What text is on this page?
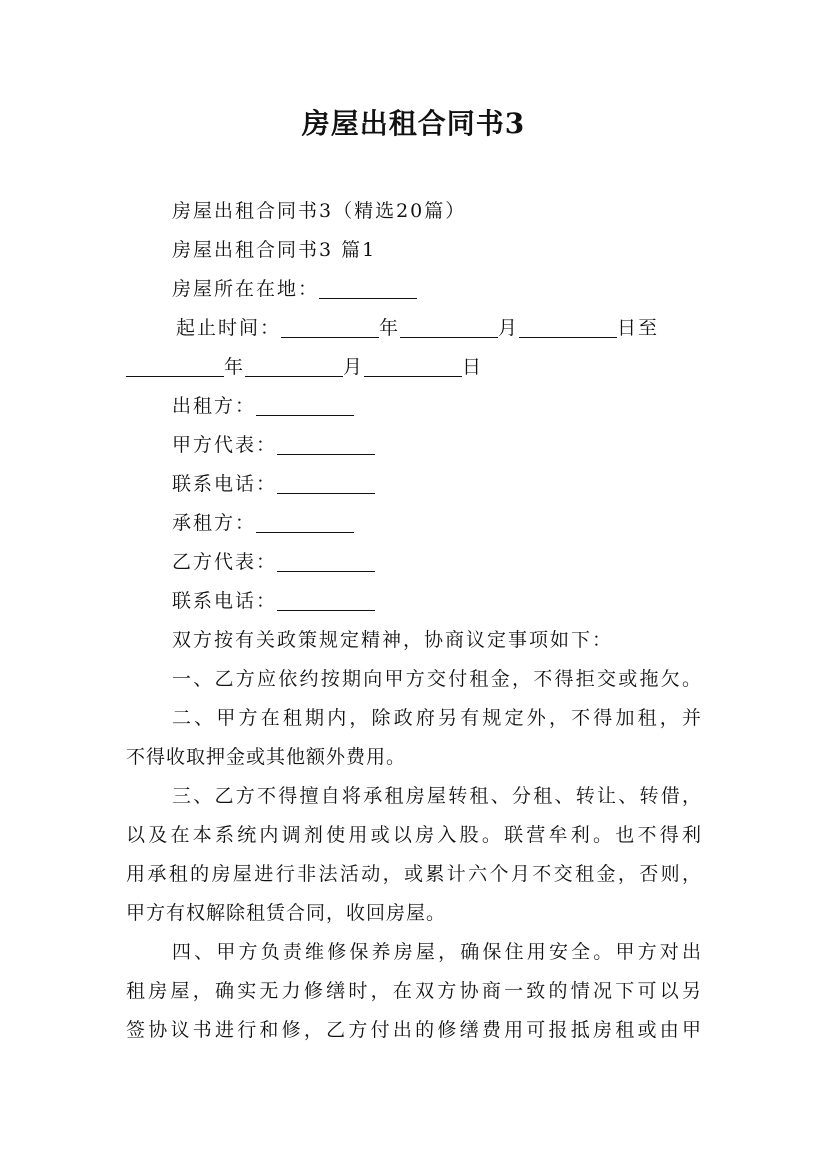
房屋出租合同书3
房屋出租合同书3（精选20篇）
房屋出租合同书3 篇1
房屋所在在地：
起止时间：	年	月	日至
年	月	日
出租方：
甲方代表：
联系电话：
承租方：
乙方代表：
联系电话：
双方按有关政策规定精神，协商议定事项如下：
一、乙方应依约按期向甲方交付租金，不得拒交或拖欠。
二、甲方在租期内，除政府另有规定外，不得加租，并
不得收取押金或其他额外费用。
三、乙方不得擅自将承租房屋转租、分租、转让、转借，
以及在本系统内调剂使用或以房入股。联营牟利。也不得利
用承租的房屋进行非法活动，或累计六个月不交租金，否则，
甲方有权解除租赁合同，收回房屋。
四、甲方负责维修保养房屋，确保住用安全。甲方对出
租房屋，确实无力修缮时，在双方协商一致的情况下可以另
签协议书进行和修，乙方付出的修缮费用可报抵房租或由甲
